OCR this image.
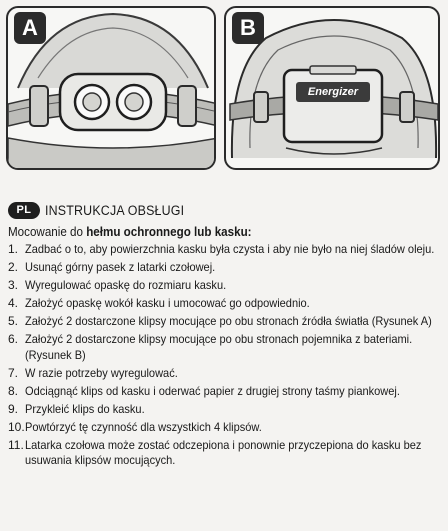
A
Energizer
B
PL INSTRUKCJA OBSŁUGI
Mocowanie do hełmu ochronnego lub kasku:
1. Zadbać o to, aby powierzchnia kasku była czysta i aby nie było na niej śladów oleju.
2. Usunąć górny pasek z latarki czołowej.
3. Wyregulować opaskę do rozmiaru kasku.
4. Założyć opaskę wokół kasku i umocować go odpowiednio.
5. Założyć 2 dostarczone klipsy mocujące po obu stronach źródła światła (Rysunek A)
6. Założyć 2 dostarczone klipsy mocujące po obu stronach pojemnika z bateriami. (Rysunek B)
7. W razie potrzeby wyregulować.
8. Odciągnąć klips od kasku i oderwać papier z drugiej strony taśmy piankowej.
9. Przykleić klips do kasku.
10. Powtórzyć tę czynność dla wszystkich 4 klipsów.
11. Latarka czołowa może zostać odczepiona i ponownie przyczepiona do kasku bez usuwania klipsów mocujących.
